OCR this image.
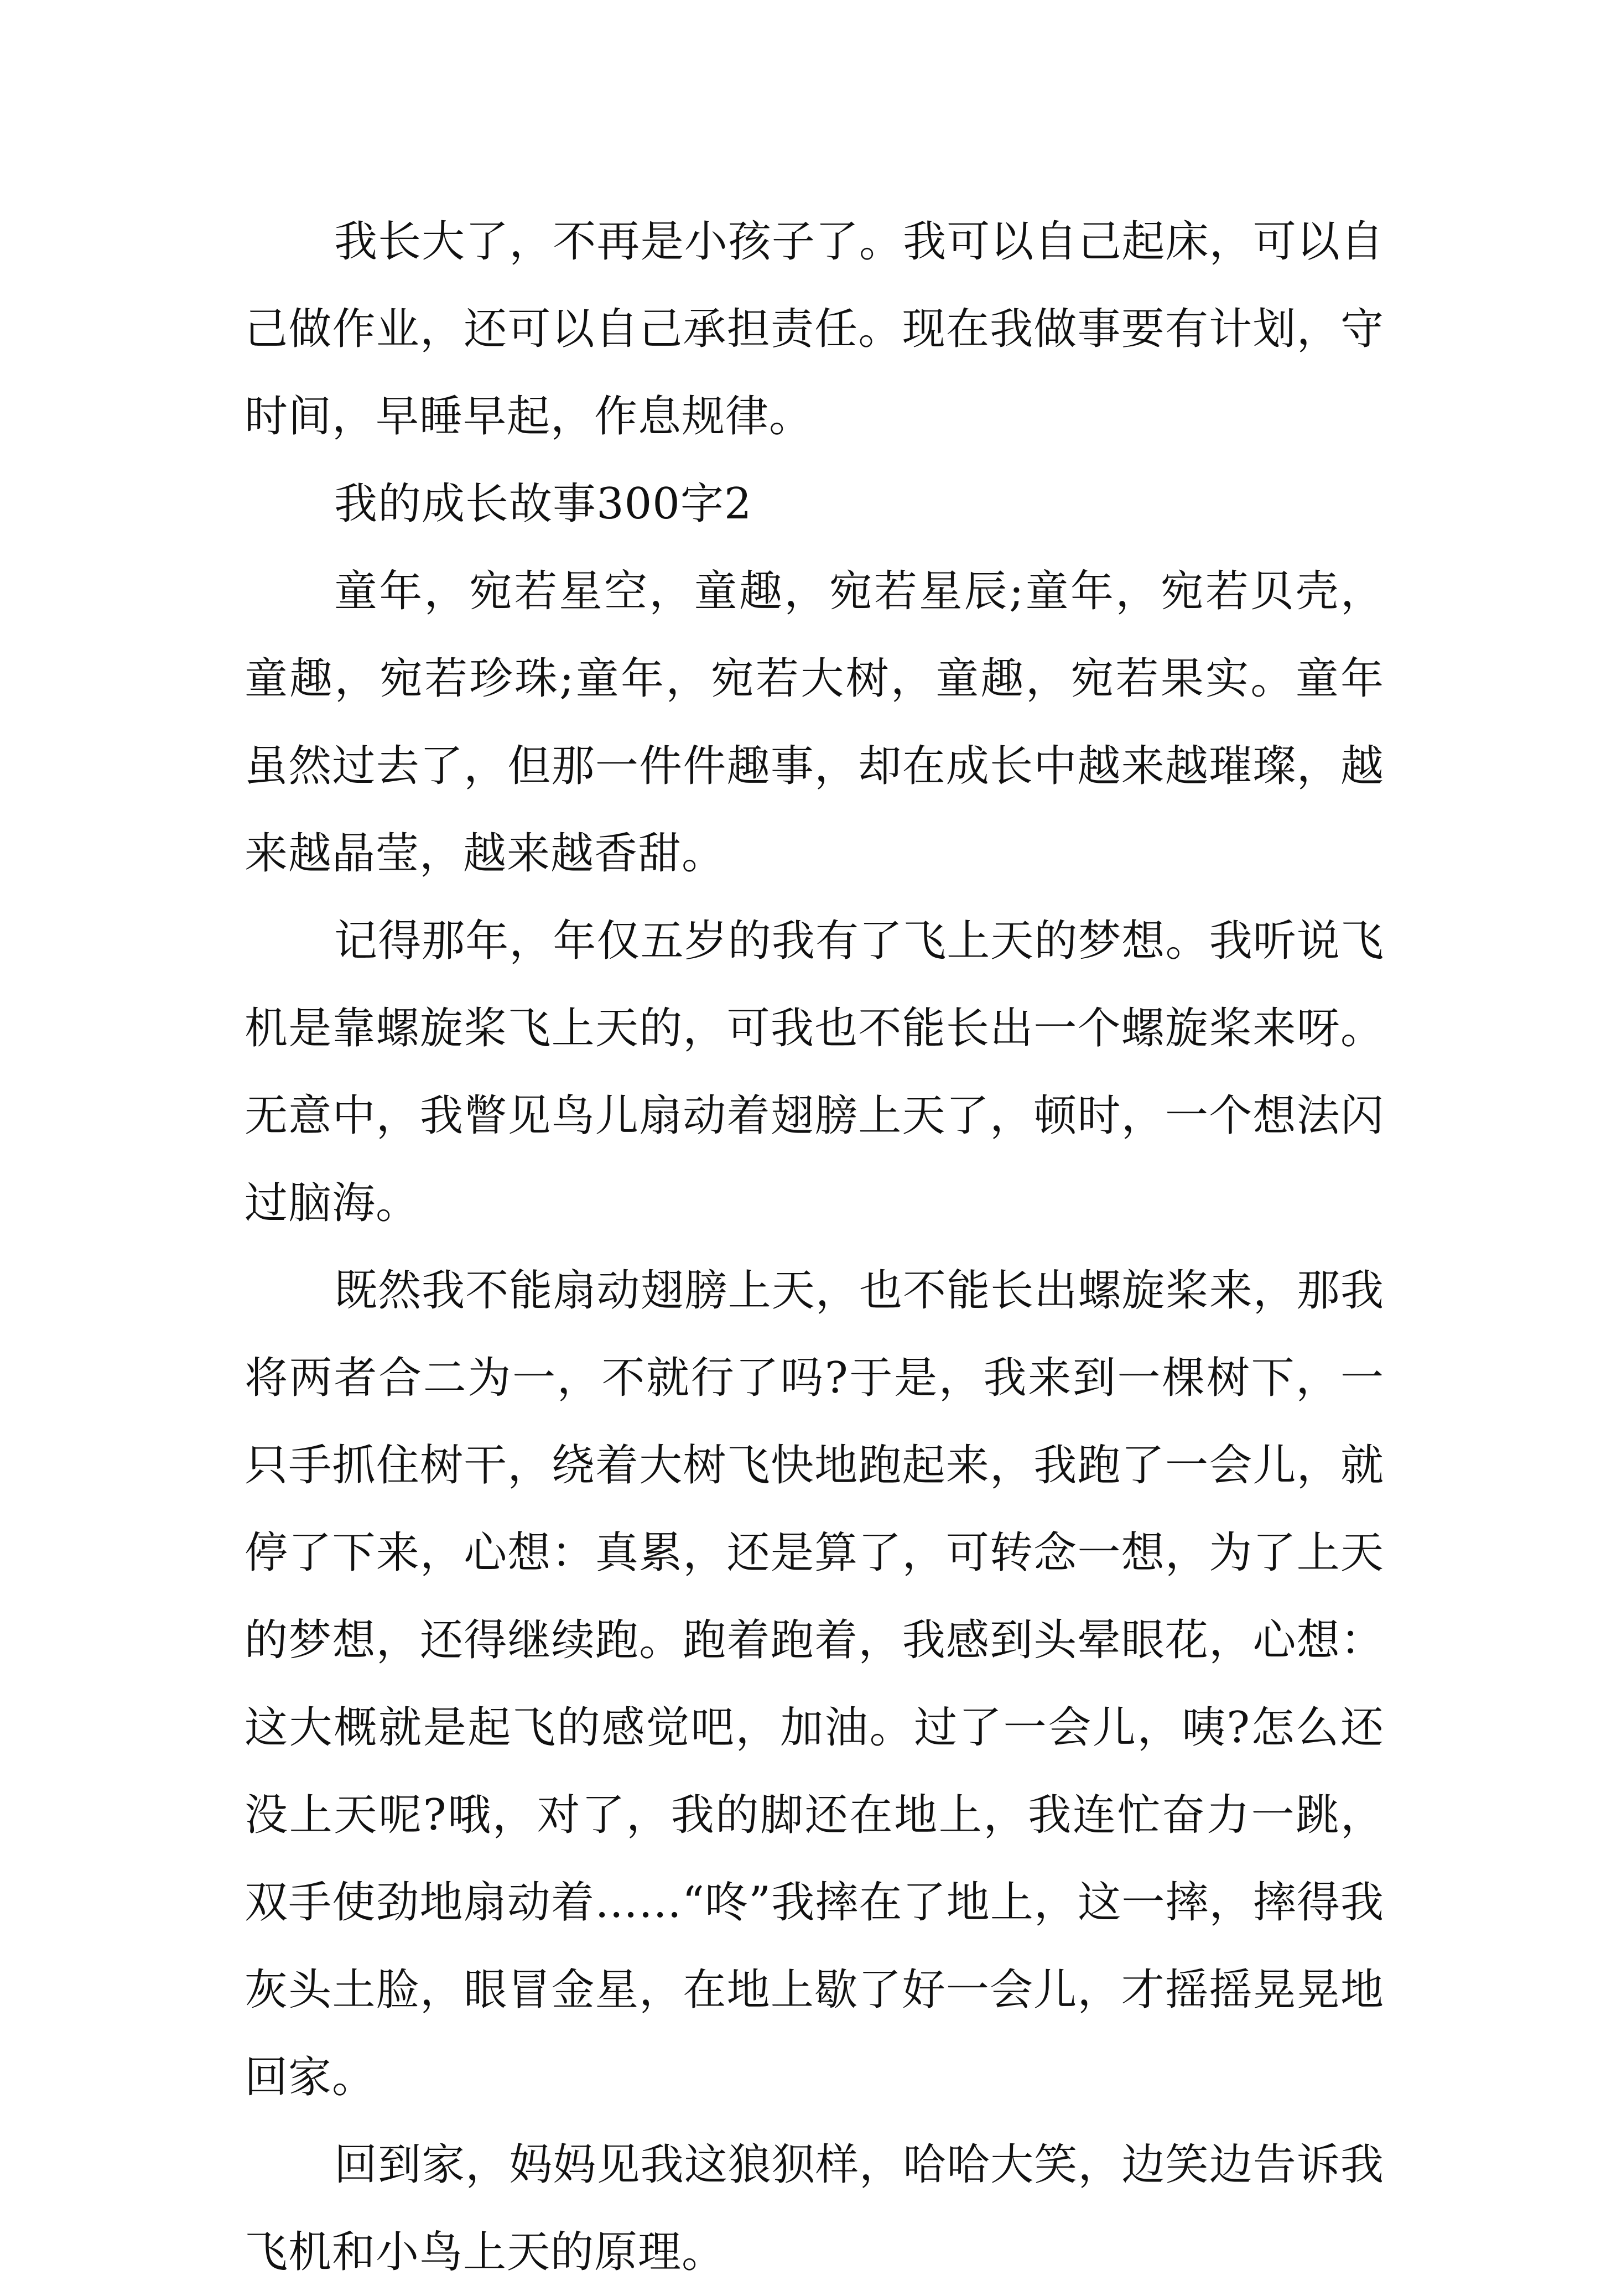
我长大了，不再是小孩子了。我可以自己起床，可以自己做作业，还可以自己承担责任。现在我做事要有计划，守时间，早睡早起，作息规律。

我的成长故事300字2

童年，宛若星空，童趣，宛若星辰;童年，宛若贝壳，童趣，宛若珍珠;童年，宛若大树，童趣，宛若果实。童年虽然过去了，但那一件件趣事，却在成长中越来越璀璨，越来越晶莹，越来越香甜。

记得那年，年仅五岁的我有了飞上天的梦想。我听说飞机是靠螺旋桨飞上天的，可我也不能长出一个螺旋桨来呀。无意中，我瞥见鸟儿扇动着翅膀上天了，顿时，一个想法闪过脑海。

既然我不能扇动翅膀上天，也不能长出螺旋桨来，那我将两者合二为一，不就行了吗?于是，我来到一棵树下，一只手抓住树干，绕着大树飞快地跑起来，我跑了一会儿，就停了下来，心想：真累，还是算了，可转念一想，为了上天的梦想，还得继续跑。跑着跑着，我感到头晕眼花，心想：这大概就是起飞的感觉吧，加油。过了一会儿，咦?怎么还没上天呢?哦，对了，我的脚还在地上，我连忙奋力一跳，双手使劲地扇动着……“咚”我摔在了地上，这一摔，摔得我灰头土脸，眼冒金星，在地上歇了好一会儿，才摇摇晃晃地回家。

回到家，妈妈见我这狼狈样，哈哈大笑，边笑边告诉我飞机和小鸟上天的原理。
